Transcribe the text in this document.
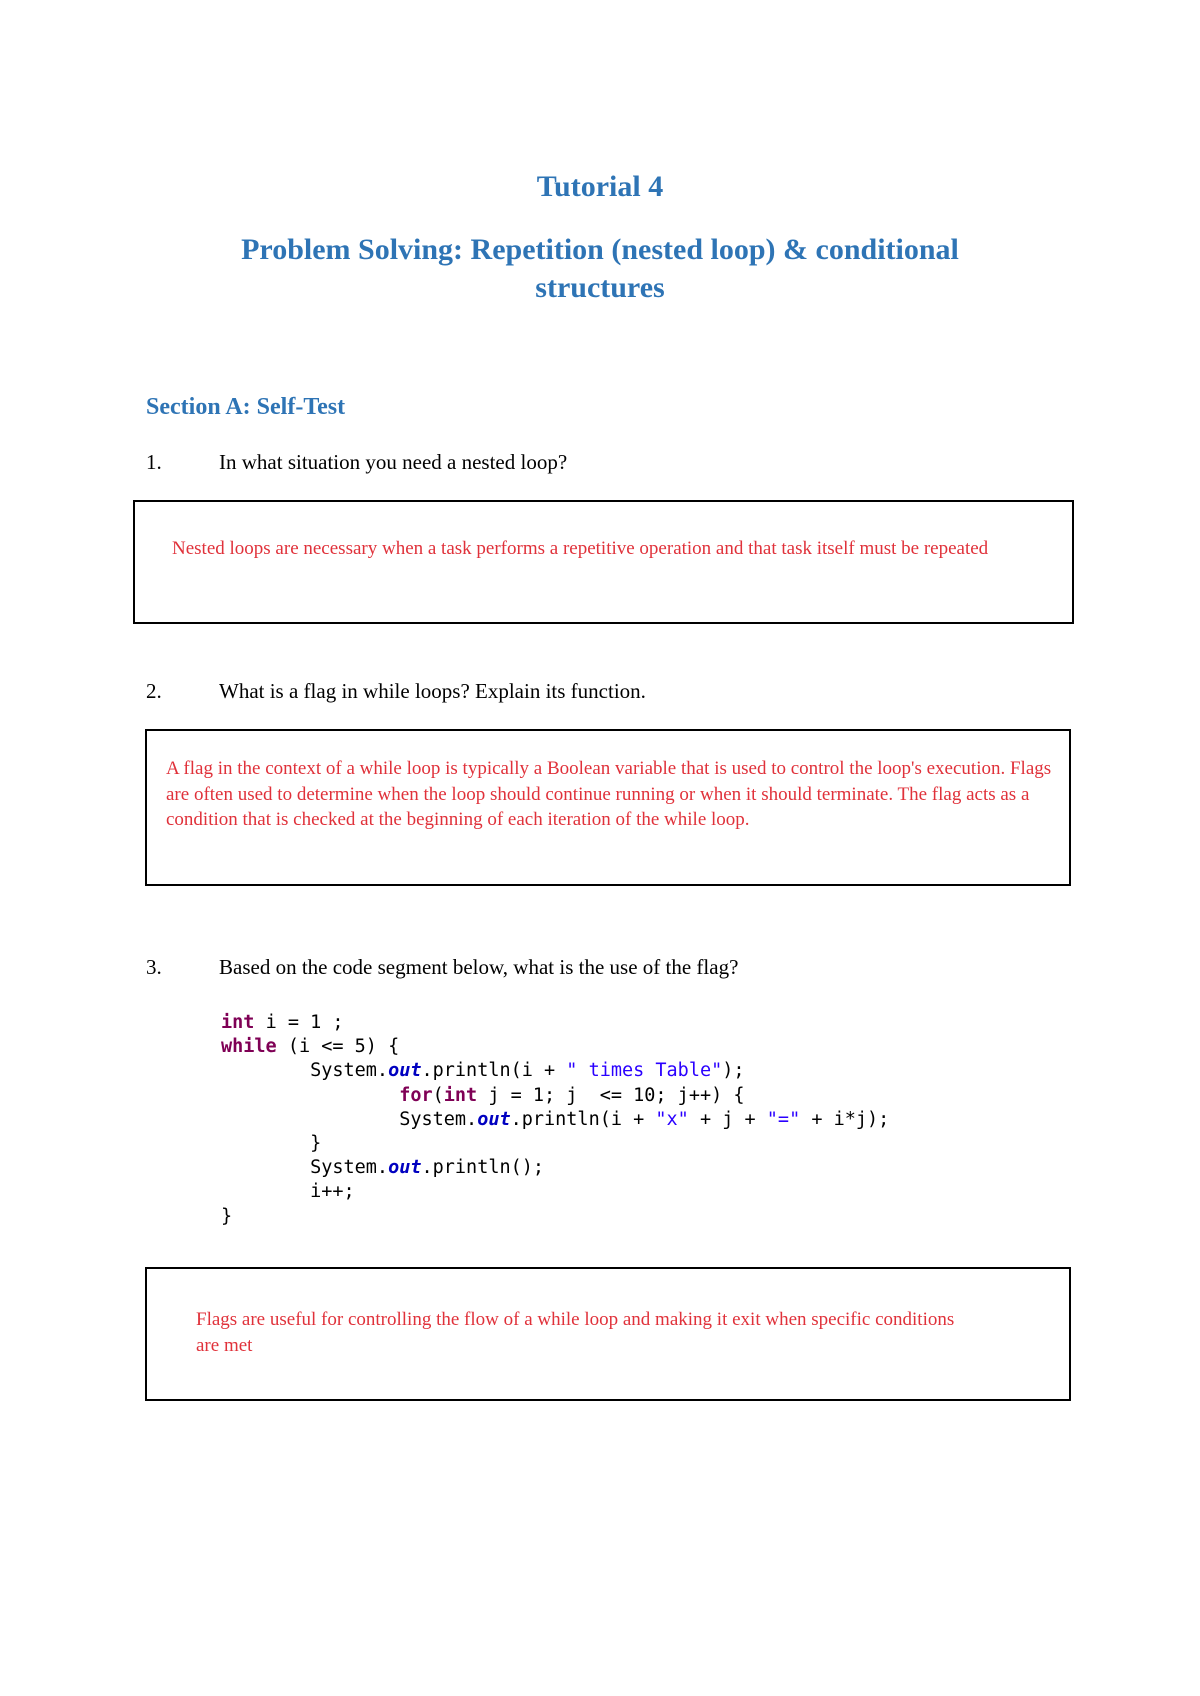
Tutorial 4
Problem Solving: Repetition (nested loop) & conditional structures
Section A: Self-Test
1.	In what situation you need a nested loop?
Nested loops are necessary when a task performs a repetitive operation and that task itself must be repeated
2.	What is a flag in while loops? Explain its function.
A flag in the context of a while loop is typically a Boolean variable that is used to control the loop's execution. Flags are often used to determine when the loop should continue running or when it should terminate. The flag acts as a condition that is checked at the beginning of each iteration of the while loop.
3.	Based on the code segment below, what is the use of the flag?
int i = 1 ;
while (i <= 5) {
System.out.println(i + " times Table");
for(int j = 1; j  <= 10; j++) {
System.out.println(i + "x" + j + "=" + i*j);
}
System.out.println();
i++;
}
Flags are useful for controlling the flow of a while loop and making it exit when specific conditions are met
